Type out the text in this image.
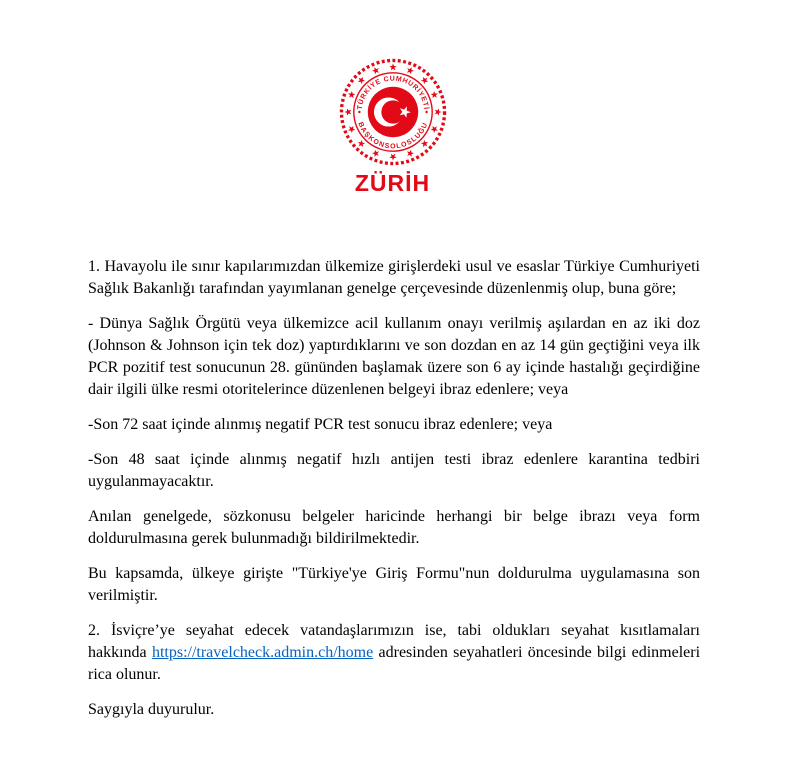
TÜRKİYE CUMHURİYETİ
BAŞKONSOLOSLUĞU
ZÜRİH

1. Havayolu ile sınır kapılarımızdan ülkemize girişlerdeki usul ve esaslar Türkiye Cumhuriyeti Sağlık Bakanlığı tarafından yayımlanan genelge çerçevesinde düzenlenmiş olup, buna göre;

- Dünya Sağlık Örgütü veya ülkemizce acil kullanım onayı verilmiş aşılardan en az iki doz (Johnson & Johnson için tek doz) yaptırdıklarını ve son dozdan en az 14 gün geçtiğini veya ilk PCR pozitif test sonucunun 28. gününden başlamak üzere son 6 ay içinde hastalığı geçirdiğine dair ilgili ülke resmi otoritelerince düzenlenen belgeyi ibraz edenlere; veya

-Son 72 saat içinde alınmış negatif PCR test sonucu ibraz edenlere; veya

-Son 48 saat içinde alınmış negatif hızlı antijen testi ibraz edenlere karantina tedbiri uygulanmayacaktır.

Anılan genelgede, sözkonusu belgeler haricinde herhangi bir belge ibrazı veya form doldurulmasına gerek bulunmadığı bildirilmektedir.

Bu kapsamda, ülkeye girişte "Türkiye'ye Giriş Formu"nun doldurulma uygulamasına son verilmiştir.

2. İsviçre’ye seyahat edecek vatandaşlarımızın ise, tabi oldukları seyahat kısıtlamaları hakkında https://travelcheck.admin.ch/home adresinden seyahatleri öncesinde bilgi edinmeleri rica olunur.

Saygıyla duyurulur.
